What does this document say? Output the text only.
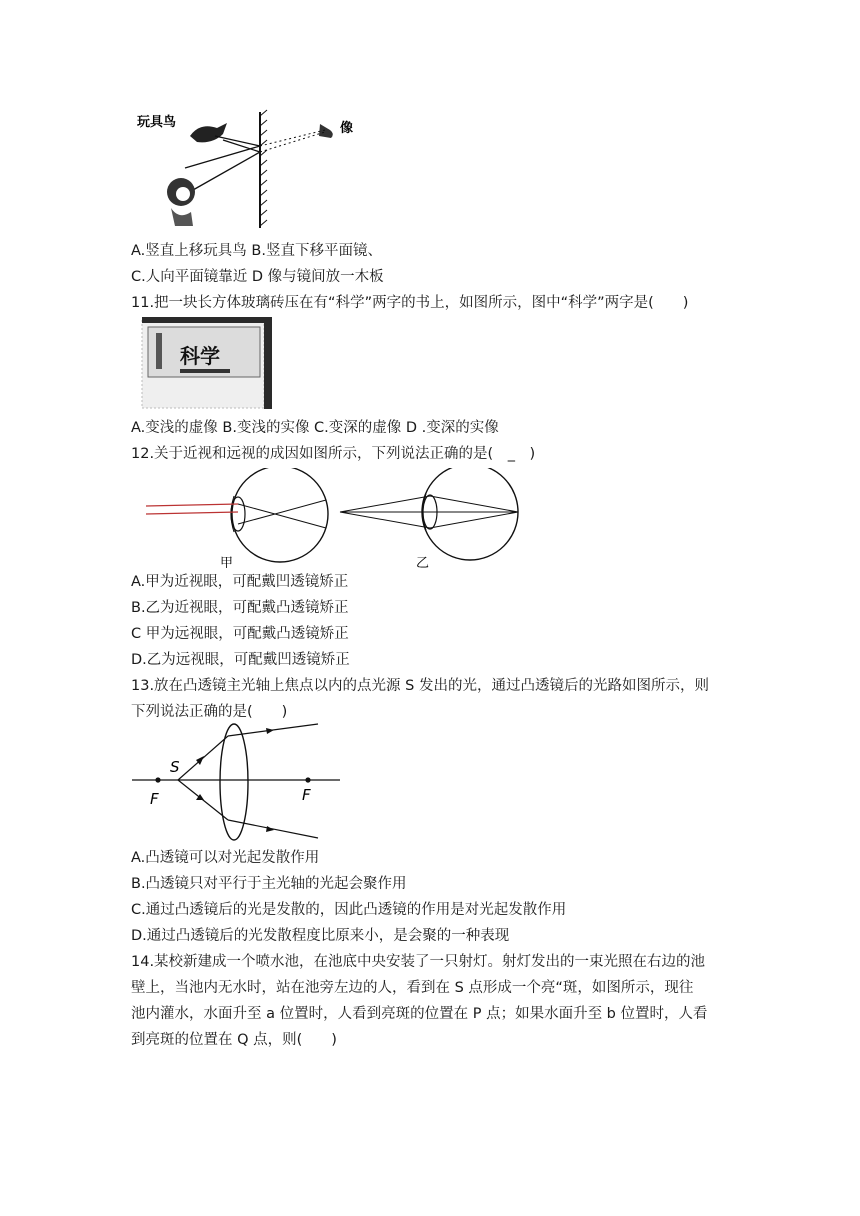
玩具鸟	像
A.竖直上移玩具鸟 B.竖直下移平面镜、
C.人向平面镜靠近 D 像与镜间放一木板
11.把一块长方体玻璃砖压在有“科学”两字的书上，如图所示，图中“科学”两字是(　　)
科学
A.变浅的虚像 B.变浅的实像 C.变深的虚像 D .变深的实像
12.关于近视和远视的成因如图所示，下列说法正确的是(　_　)
甲	乙
A.甲为近视眼，可配戴凹透镜矫正
B.乙为近视眼，可配戴凸透镜矫正
C 甲为远视眼，可配戴凸透镜矫正
D.乙为远视眼，可配戴凹透镜矫正
13.放在凸透镜主光轴上焦点以内的点光源 S 发出的光，通过凸透镜后的光路如图所示，则
下列说法正确的是(　　)
S
F	F
A.凸透镜可以对光起发散作用
B.凸透镜只对平行于主光轴的光起会聚作用
C.通过凸透镜后的光是发散的，因此凸透镜的作用是对光起发散作用
D.通过凸透镜后的光发散程度比原来小，是会聚的一种表现
14.某校新建成一个喷水池，在池底中央安装了一只射灯。射灯发出的一束光照在右边的池
壁上，当池内无水时，站在池旁左边的人，看到在 S 点形成一个亮“斑，如图所示，现往
池内灌水，水面升至 a 位置时，人看到亮斑的位置在 P 点；如果水面升至 b 位置时，人看
到亮斑的位置在 Q 点，则(　　)
